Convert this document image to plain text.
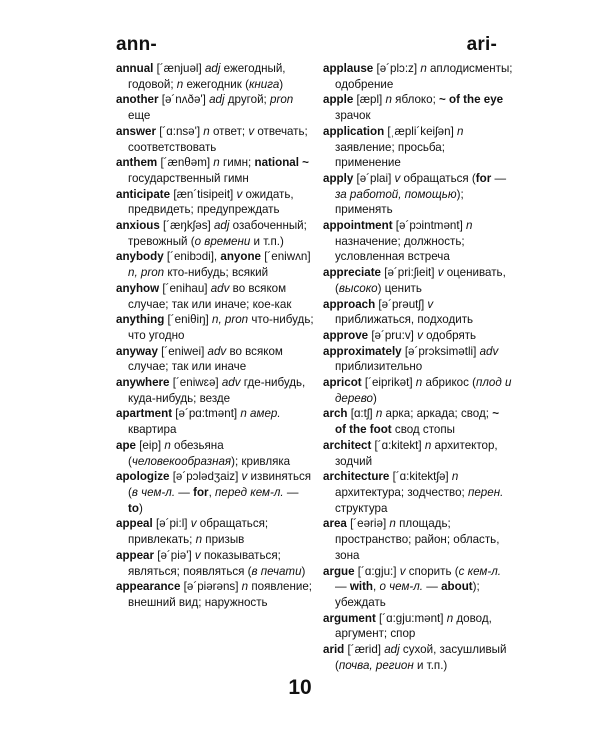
ann-	ari-

annual [´ænjuəl] adj ежегодный, годовой; n ежегодник (книга)

another [ə´nʌðə'] adj другой; pron еще

answer [´ɑ:nsə'] n ответ; v отвечать; соответствовать

anthem [´ænθəm] n гимн; national ~ государственный гимн

anticipate [æn´tisipeit] v ожидать, предвидеть; предупреждать

anxious [´æŋkʃəs] adj озабоченный; тревожный (о времени и т.п.)

anybody [´enibɔdi], anyone [´eniwʌn] n, pron кто-нибудь; всякий

anyhow [´enihau] adv во всяком случае; так или иначе; кое-как

anything [´eniθiŋ] n, pron что-нибудь; что угодно

anyway [´eniwei] adv во всяком случае; так или иначе

anywhere [´eniwɛə] adv где-нибудь, куда-нибудь; везде

apartment [ə´pɑ:tmənt] n амер. квартира

ape [eip] n обезьяна (человекообразная); кривляка

apologize [ə´pɔlədʒaiz] v извиняться (в чем-л. — for, перед кем-л. — to)

appeal [ə´pi:l] v обращаться; привлекать; n призыв

appear [ə´piə'] v показываться; являться; появляться (в печати)

appearance [ə´piərəns] n появление; внешний вид; наружность

applause [ə´plɔ:z] n аплодисменты; одобрение

apple [æpl] n яблоко; ~ of the eye зрачок

application [ˌæpli´keiʃən] n заявление; просьба; применение

apply [ə´plai] v обращаться (for — за работой, помощью); применять

appointment [ə´pɔintmənt] n назначение; должность; условленная встреча

appreciate [ə´pri:ʃieit] v оценивать, (высоко) ценить

approach [ə´prəutʃ] v приближаться, подходить

approve [ə´pru:v] v одобрять

approximately [ə´prɔksimətli] adv приблизительно

apricot [´eiprikət] n абрикос (плод и дерево)

arch [ɑ:tʃ] n арка; аркада; свод; ~ of the foot свод стопы

architect [´ɑ:kitekt] n архитектор, зодчий

architecture [´ɑ:kitektʃə] n архитектура; зодчество; перен. структура

area [´eəriə] n площадь; пространство; район; область, зона

argue [´ɑ:gju:] v спорить (с кем-л. — with, о чем-л. — about); убеждать

argument [´ɑ:gju:mənt] n довод, аргумент; спор

arid [´ærid] adj сухой, засушливый (почва, регион и т.п.)

10
